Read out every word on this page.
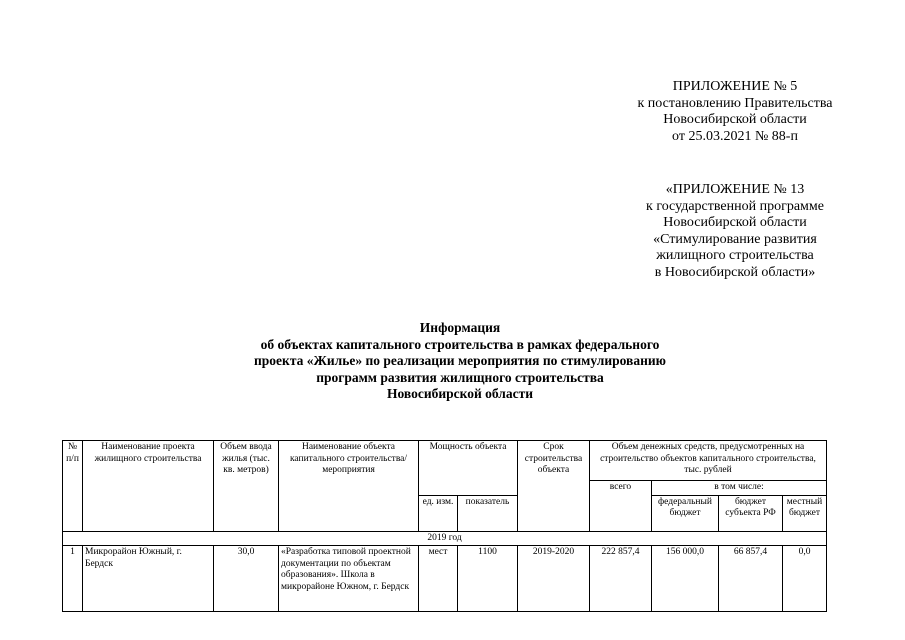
ПРИЛОЖЕНИЕ № 5
к постановлению Правительства
Новосибирской области
от 25.03.2021 № 88-п
«ПРИЛОЖЕНИЕ № 13
к государственной программе
Новосибирской области
«Стимулирование развития
жилищного строительства
в Новосибирской области»
Информация
об объектах капитального строительства в рамках федерального
проекта «Жилье» по реализации мероприятия по стимулированию
программ развития жилищного строительства
Новосибирской области
№ п/п	Наименование проекта жилищного строительства	Объем ввода жилья (тыс. кв. метров)	Наименование объекта капитального строительства/мероприятия	Мощность объекта		Срок строительства объекта	Объем денежных средств, предусмотренных на строительство объектов капитального строительства, тыс. рублей			
							всего	в том числе:		
				ед. изм.	показатель			федеральный бюджет	бюджет субъекта РФ	местный бюджет
2019 год										
1	Микрорайон Южный, г. Бердск	30,0	«Разработка типовой проектной документации по объектам образования». Школа в микрорайоне Южном, г. Бердск	мест	1100	2019-2020	222 857,4	156 000,0	66 857,4	0,0
